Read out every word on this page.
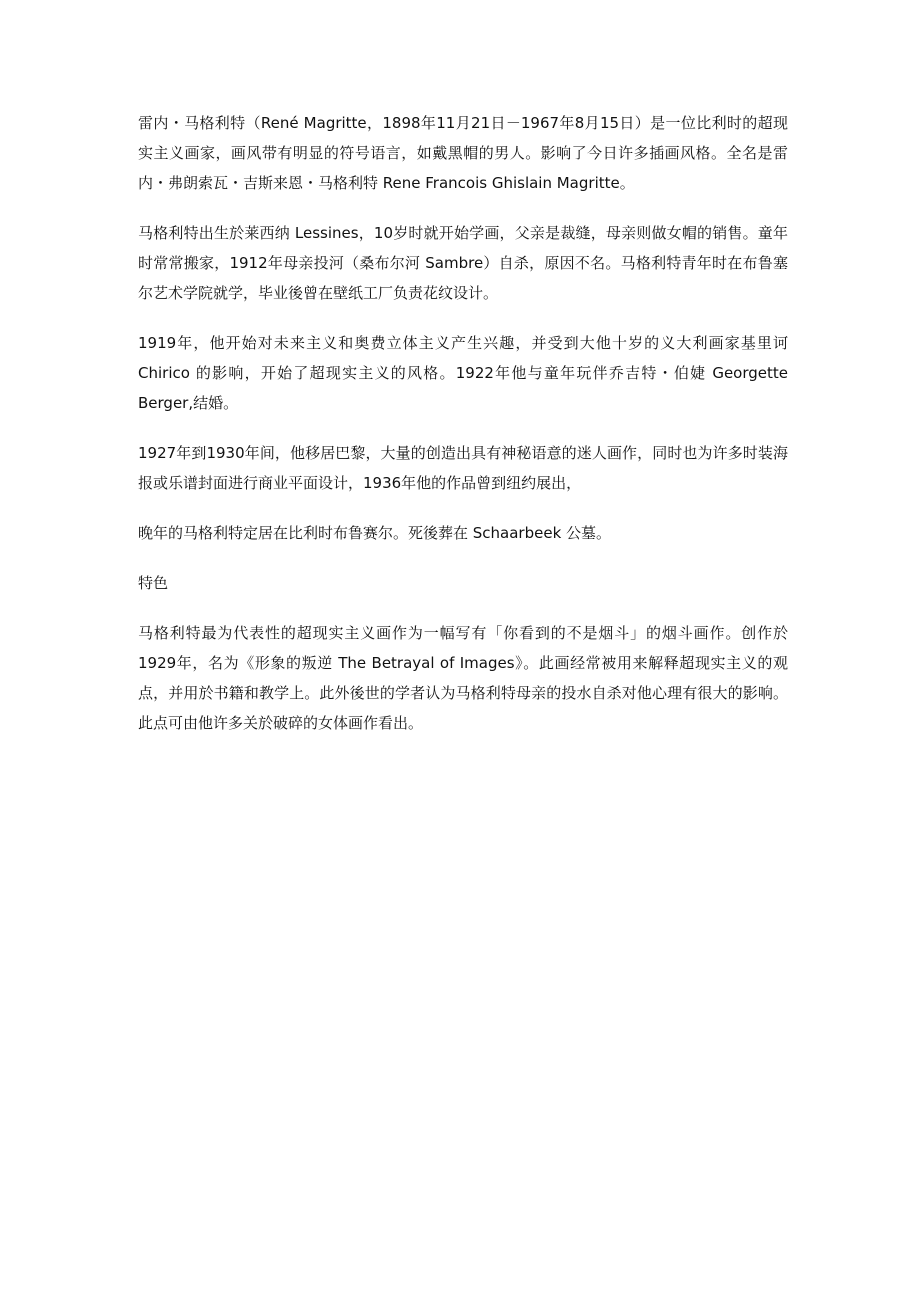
雷内・马格利特（René Magritte，1898年11月21日－1967年8月15日）是一位比利时的超现实主义画家，画风带有明显的符号语言，如戴黑帽的男人。影响了今日许多插画风格。全名是雷内・弗朗索瓦・吉斯来恩・马格利特 Rene Francois Ghislain Magritte。

马格利特出生於莱西纳 Lessines，10岁时就开始学画，父亲是裁缝，母亲则做女帽的销售。童年时常常搬家，1912年母亲投河（桑布尔河 Sambre）自杀，原因不名。马格利特青年时在布鲁塞尔艺术学院就学，毕业後曾在壁纸工厂负责花纹设计。

1919年，他开始对未来主义和奥费立体主义产生兴趣，并受到大他十岁的义大利画家基里诃 Chirico 的影响，开始了超现实主义的风格。1922年他与童年玩伴乔吉特・伯婕 Georgette Berger,结婚。

1927年到1930年间，他移居巴黎，大量的创造出具有神秘语意的迷人画作，同时也为许多时装海报或乐谱封面进行商业平面设计，1936年他的作品曾到纽约展出，

晚年的马格利特定居在比利时布鲁赛尔。死後葬在 Schaarbeek 公墓。

特色

马格利特最为代表性的超现实主义画作为一幅写有「你看到的不是烟斗」的烟斗画作。创作於1929年，名为《形象的叛逆 The Betrayal of Images》。此画经常被用来解释超现实主义的观点，并用於书籍和教学上。此外後世的学者认为马格利特母亲的投水自杀对他心理有很大的影响。此点可由他许多关於破碎的女体画作看出。
